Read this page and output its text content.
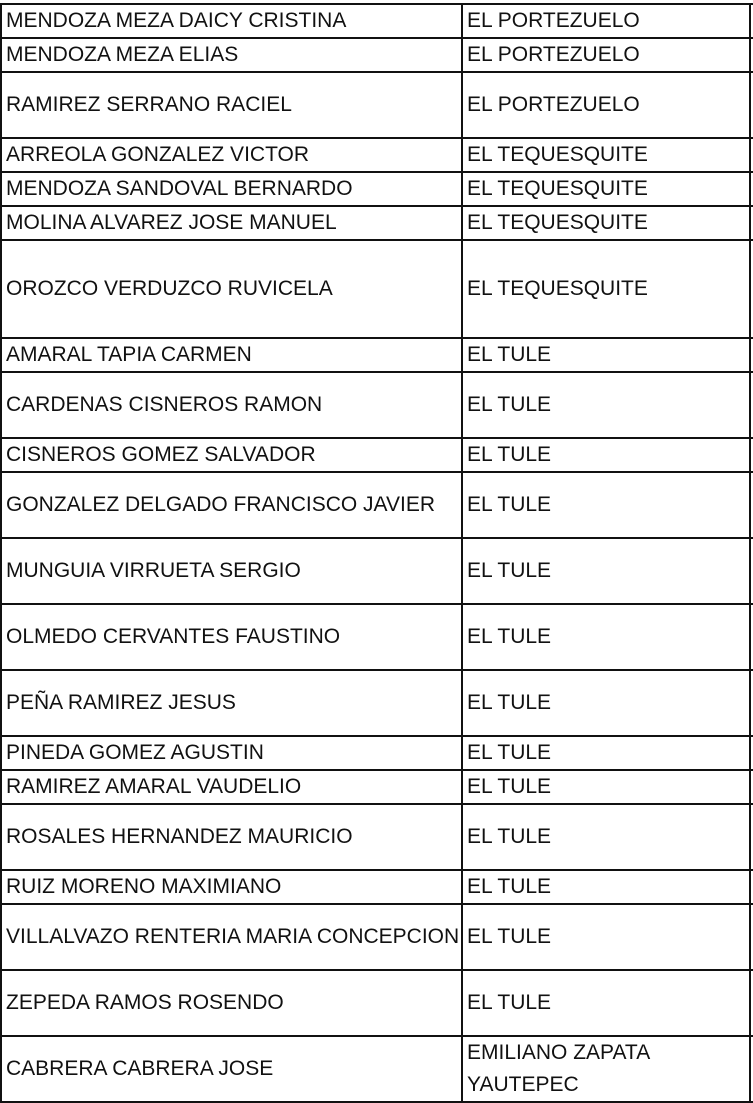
MENDOZA MEZA DAICY CRISTINA	EL PORTEZUELO	
MENDOZA MEZA ELIAS	EL PORTEZUELO	
RAMIREZ SERRANO RACIEL	EL PORTEZUELO	
ARREOLA GONZALEZ VICTOR	EL TEQUESQUITE	
MENDOZA SANDOVAL BERNARDO	EL TEQUESQUITE	
MOLINA ALVAREZ JOSE MANUEL	EL TEQUESQUITE	
OROZCO VERDUZCO RUVICELA	EL TEQUESQUITE	
AMARAL TAPIA CARMEN	EL TULE	
CARDENAS CISNEROS RAMON	EL TULE	
CISNEROS GOMEZ SALVADOR	EL TULE	
GONZALEZ DELGADO FRANCISCO JAVIER	EL TULE	
MUNGUIA VIRRUETA SERGIO	EL TULE	
OLMEDO CERVANTES FAUSTINO	EL TULE	
PEÑA RAMIREZ JESUS	EL TULE	
PINEDA GOMEZ AGUSTIN	EL TULE	
RAMIREZ AMARAL VAUDELIO	EL TULE	
ROSALES HERNANDEZ MAURICIO	EL TULE	
RUIZ MORENO MAXIMIANO	EL TULE	
VILLALVAZO RENTERIA MARIA CONCEPCION	EL TULE	
ZEPEDA RAMOS ROSENDO	EL TULE	
CABRERA CABRERA JOSE	EMILIANO ZAPATA YAUTEPEC	
